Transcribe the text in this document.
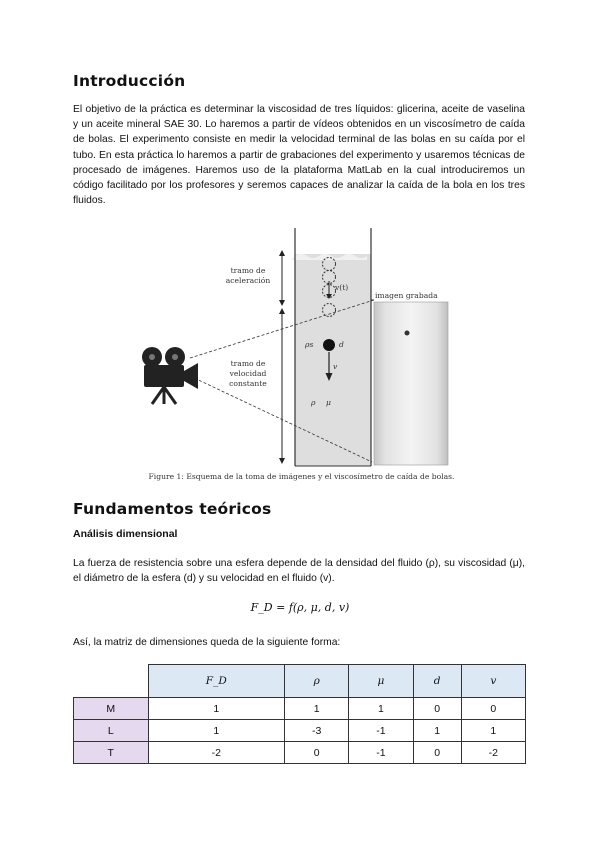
Introducción

El objetivo de la práctica es determinar la viscosidad de tres líquidos: glicerina, aceite de vaselina y un aceite mineral SAE 30. Lo haremos a partir de vídeos obtenidos en un viscosímetro de caída de bolas. El experimento consiste en medir la velocidad terminal de las bolas en su caída por el tubo. En esta práctica lo haremos a partir de grabaciones del experimento y usaremos técnicas de procesado de imágenes. Haremos uso de la plataforma MatLab en la cual introduciremos un código facilitado por los profesores y seremos capaces de analizar la caída de la bola en los tres fluidos.

tramo de
aceleración
tramo de
velocidad
constante
imagen grabada
v(t)
ρs	d
v
ρ μ
Figure 1: Esquema de la toma de imágenes y el viscosímetro de caída de bolas.
Fundamentos teóricos
Análisis dimensional

La fuerza de resistencia sobre una esfera depende de la densidad del fluido (ρ), su viscosidad (μ), el diámetro de la esfera (d) y su velocidad en el fluido (v).

F_D = f(ρ, μ, d, v)

Así, la matriz de dimensiones queda de la siguiente forma:

	F_D	ρ	μ	d	v
M	1	1	1	0	0
L	1	-3	-1	1	1
T	-2	0	-1	0	-2
